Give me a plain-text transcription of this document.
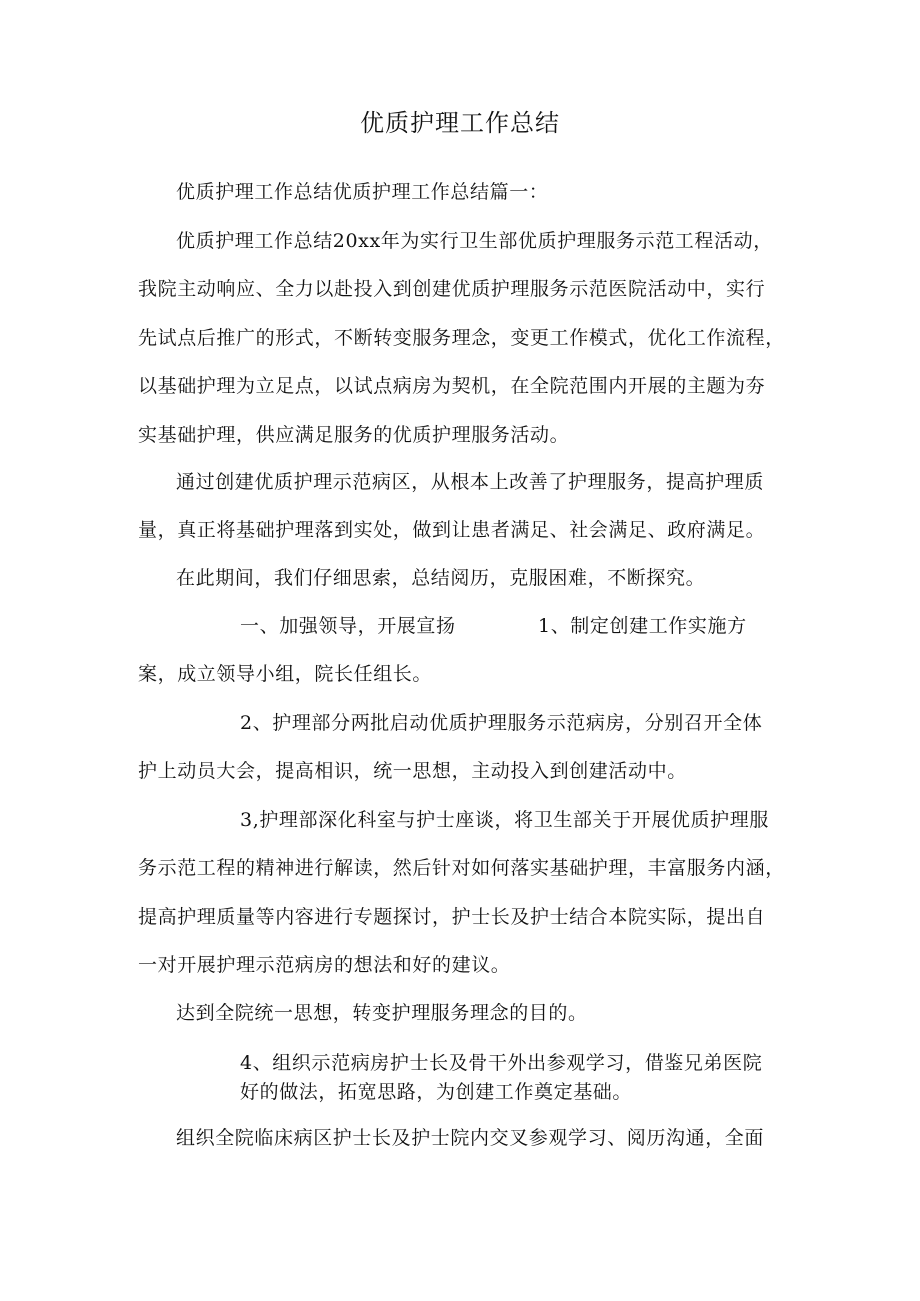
优质护理工作总结
优质护理工作总结优质护理工作总结篇一：
优质护理工作总结20xx年为实行卫生部优质护理服务示范工程活动，
我院主动响应、全力以赴投入到创建优质护理服务示范医院活动中，实行
先试点后推广的形式，不断转变服务理念，变更工作模式，优化工作流程，
以基础护理为立足点，以试点病房为契机，在全院范围内开展的主题为夯
实基础护理，供应满足服务的优质护理服务活动。
通过创建优质护理示范病区，从根本上改善了护理服务，提高护理质
量，真正将基础护理落到实处，做到让患者满足、社会满足、政府满足。
在此期间，我们仔细思索，总结阅历，克服困难，不断探究。
一、加强领导，开展宣扬	1、制定创建工作实施方
案，成立领导小组，院长任组长。
2、护理部分两批启动优质护理服务示范病房，分别召开全体
护上动员大会，提高相识，统一思想，主动投入到创建活动中。
3,护理部深化科室与护士座谈，将卫生部关于开展优质护理服
务示范工程的精神进行解读，然后针对如何落实基础护理，丰富服务内涵，
提高护理质量等内容进行专题探讨，护士长及护士结合本院实际，提出自
一对开展护理示范病房的想法和好的建议。
达到全院统一思想，转变护理服务理念的目的。
4、组织示范病房护士长及骨干外出参观学习，借鉴兄弟医院
好的做法，拓宽思路，为创建工作奠定基础。
组织全院临床病区护士长及护士院内交叉参观学习、阅历沟通，全面
